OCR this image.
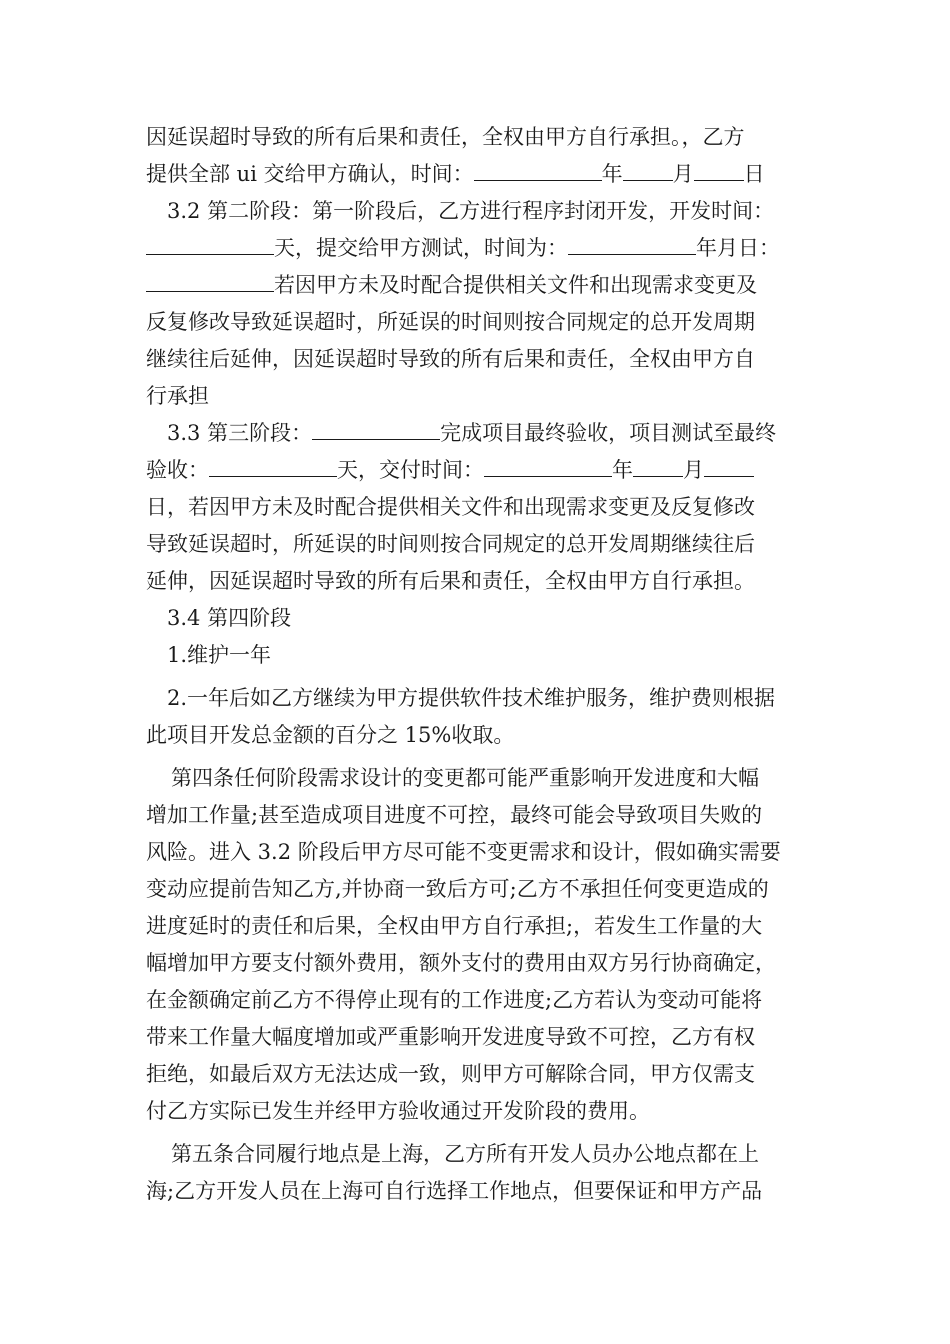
因延误超时导致的所有后果和责任，全权由甲方自行承担。，乙方
提供全部 ui 交给甲方确认，时间：	年 月 日
3.2 第二阶段：第一阶段后，乙方进行程序封闭开发，开发时间：
天，提交给甲方测试，时间为：	年月日：
若因甲方未及时配合提供相关文件和出现需求变更及
反复修改导致延误超时，所延误的时间则按合同规定的总开发周期
继续往后延伸，因延误超时导致的所有后果和责任，全权由甲方自
行承担
3.3 第三阶段：	完成项目最终验收，项目测试至最终
验收：	天，交付时间：	年 月
日，若因甲方未及时配合提供相关文件和出现需求变更及反复修改
导致延误超时，所延误的时间则按合同规定的总开发周期继续往后
延伸，因延误超时导致的所有后果和责任，全权由甲方自行承担。
3.4 第四阶段
1.维护一年
2.一年后如乙方继续为甲方提供软件技术维护服务，维护费则根据
此项目开发总金额的百分之 15%收取。
第四条任何阶段需求设计的变更都可能严重影响开发进度和大幅
增加工作量;甚至造成项目进度不可控，最终可能会导致项目失败的
风险。进入 3.2 阶段后甲方尽可能不变更需求和设计，假如确实需要
变动应提前告知乙方,并协商一致后方可;乙方不承担任何变更造成的
进度延时的责任和后果，全权由甲方自行承担;，若发生工作量的大
幅增加甲方要支付额外费用，额外支付的费用由双方另行协商确定，
在金额确定前乙方不得停止现有的工作进度;乙方若认为变动可能将
带来工作量大幅度增加或严重影响开发进度导致不可控，乙方有权
拒绝，如最后双方无法达成一致，则甲方可解除合同，甲方仅需支
付乙方实际已发生并经甲方验收通过开发阶段的费用。
第五条合同履行地点是上海，乙方所有开发人员办公地点都在上
海;乙方开发人员在上海可自行选择工作地点，但要保证和甲方产品
